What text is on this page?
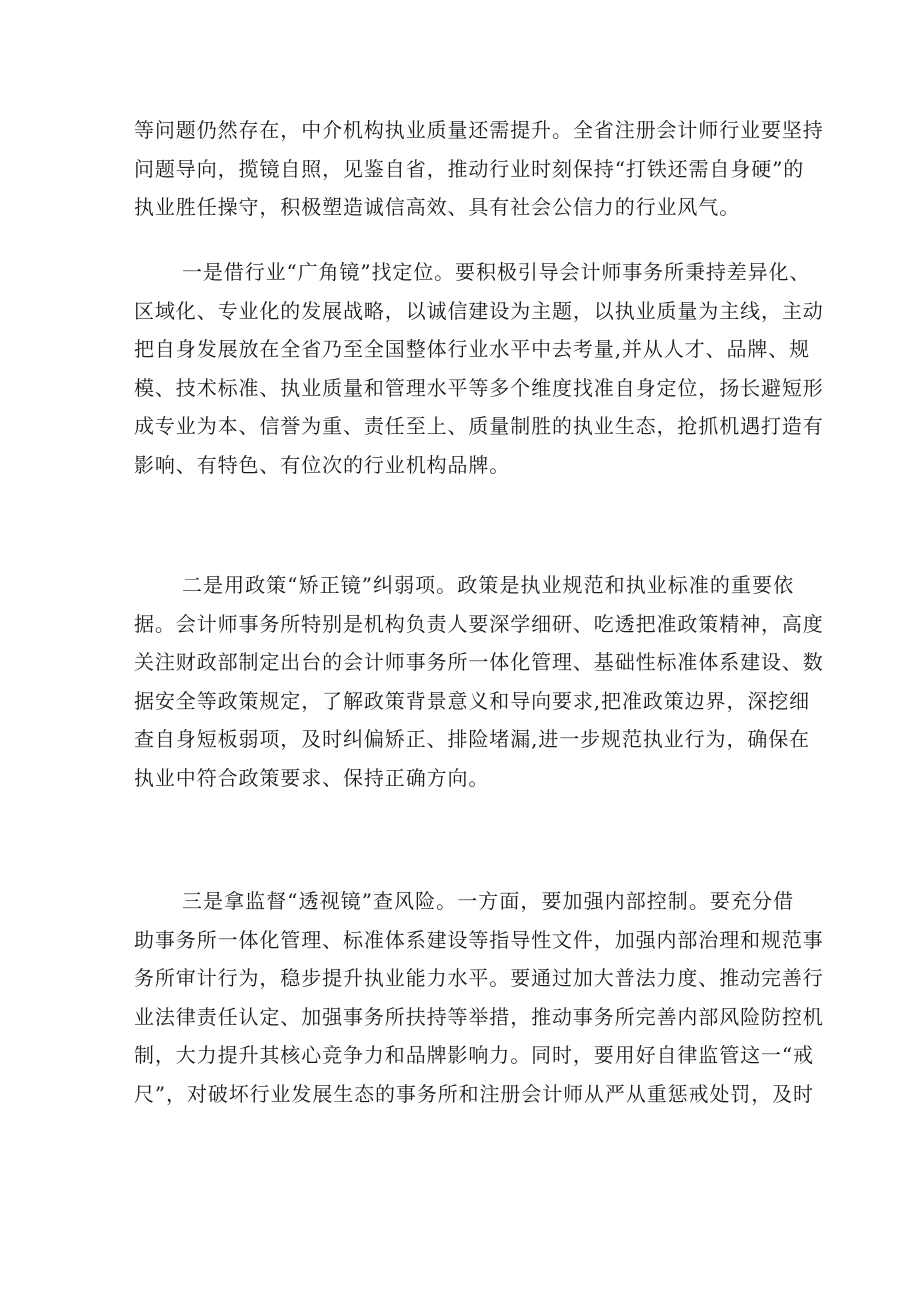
等问题仍然存在，中介机构执业质量还需提升。全省注册会计师行业要坚持
问题导向，揽镜自照，见鉴自省，推动行业时刻保持“打铁还需自身硬”的
执业胜任操守，积极塑造诚信高效、具有社会公信力的行业风气。

一是借行业“广角镜”找定位。要积极引导会计师事务所秉持差异化、
区域化、专业化的发展战略，以诚信建设为主题，以执业质量为主线，主动
把自身发展放在全省乃至全国整体行业水平中去考量,并从人才、品牌、规
模、技术标准、执业质量和管理水平等多个维度找准自身定位，扬长避短形
成专业为本、信誉为重、责任至上、质量制胜的执业生态，抢抓机遇打造有
影响、有特色、有位次的行业机构品牌。

二是用政策“矫正镜”纠弱项。政策是执业规范和执业标准的重要依
据。会计师事务所特别是机构负责人要深学细研、吃透把准政策精神，高度
关注财政部制定出台的会计师事务所一体化管理、基础性标准体系建设、数
据安全等政策规定，了解政策背景意义和导向要求,把准政策边界，深挖细
查自身短板弱项，及时纠偏矫正、排险堵漏,进一步规范执业行为，确保在
执业中符合政策要求、保持正确方向。

三是拿监督“透视镜”查风险。一方面，要加强内部控制。要充分借
助事务所一体化管理、标准体系建设等指导性文件，加强内部治理和规范事
务所审计行为，稳步提升执业能力水平。要通过加大普法力度、推动完善行
业法律责任认定、加强事务所扶持等举措，推动事务所完善内部风险防控机
制，大力提升其核心竞争力和品牌影响力。同时，要用好自律监管这一“戒
尺”，对破坏行业发展生态的事务所和注册会计师从严从重惩戒处罚，及时
